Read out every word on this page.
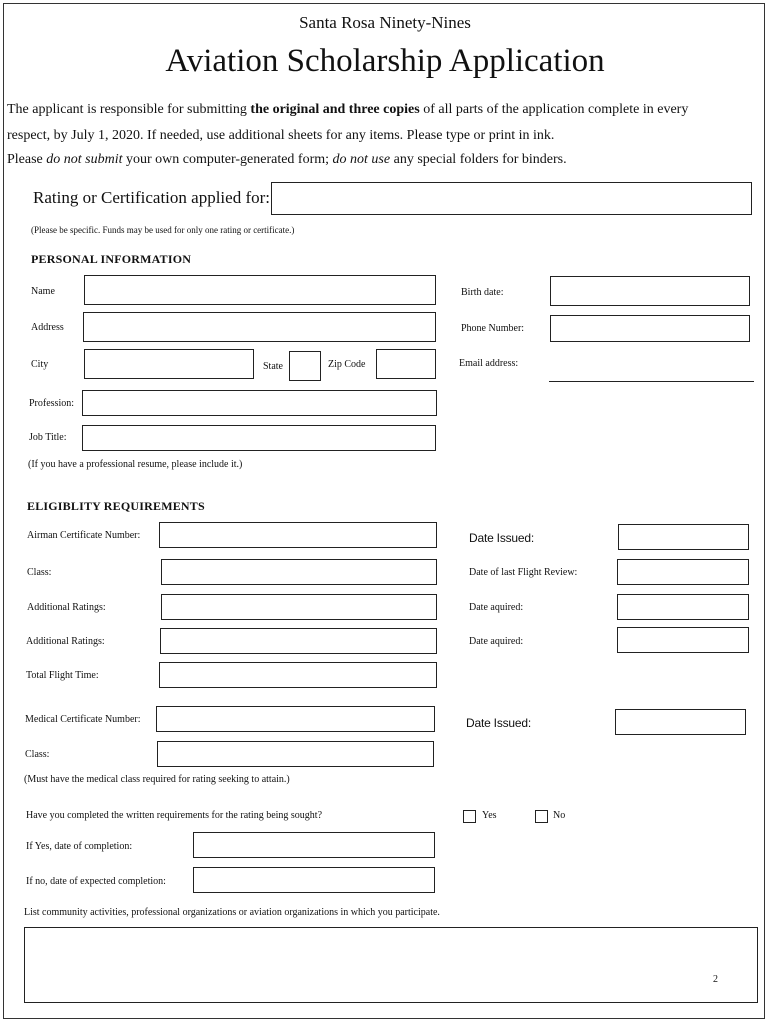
Santa Rosa Ninety-Nines
Aviation Scholarship Application
The applicant is responsible for submitting the original and three copies of all parts of the application complete in every
respect, by July 1, 2020. If needed, use additional sheets for any items. Please type or print in ink.
Please do not submit your own computer-generated form; do not use any special folders for binders.
Rating or Certification applied for:
(Please be specific. Funds may be used for only one rating or certificate.)
PERSONAL INFORMATION
Name	Birth date:
Address	Phone Number:
City	State	Zip Code	Email address:
Profession:
Job Title:
(If you have a professional resume, please include it.)
ELIGIBLITY REQUIREMENTS
Airman Certificate Number:	Date Issued:
Class:	Date of last Flight Review:
Additional Ratings:	Date aquired:
Additional Ratings:	Date aquired:
Total Flight Time:
Medical Certificate Number:	Date Issued:
Class:
(Must have the medical class required for rating seeking to attain.)
Have you completed the written requirements for the rating being sought?	Yes	No
If Yes, date of completion:
If no, date of expected completion:
List community activities, professional organizations or aviation organizations in which you participate.
2
